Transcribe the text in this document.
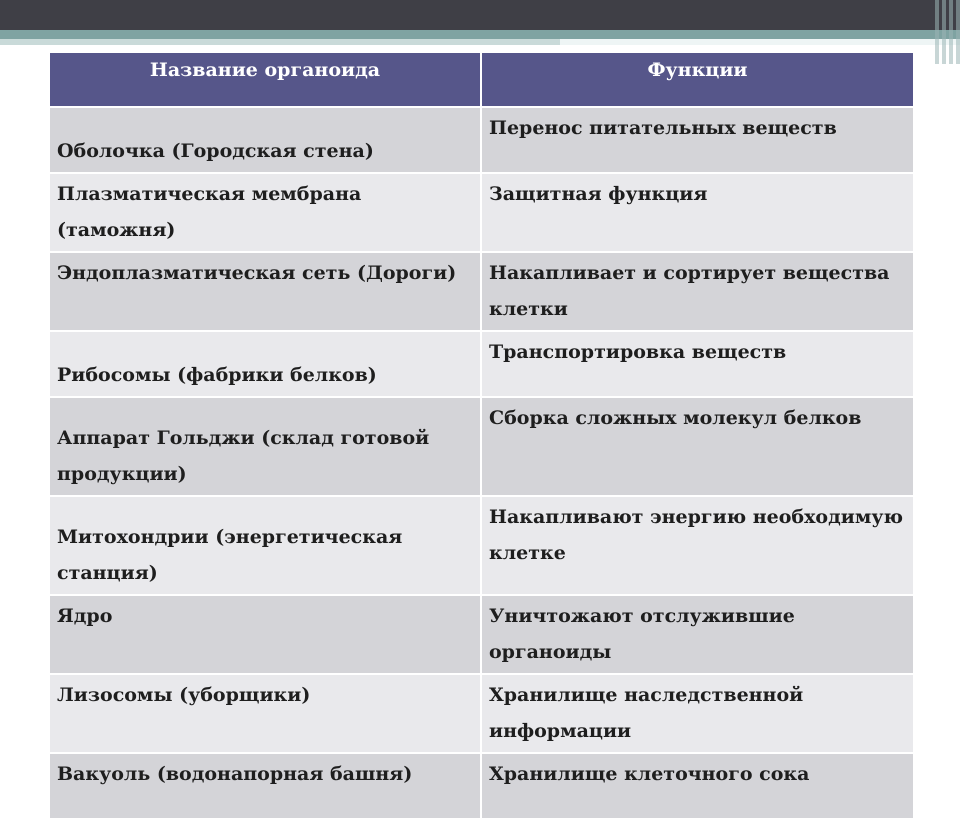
Название органоида	Функции
Оболочка (Городская стена)	Перенос питательных веществ
Плазматическая мембрана (таможня)	Защитная функция
Эндоплазматическая сеть (Дороги)	Накапливает и сортирует вещества клетки
Рибосомы (фабрики белков)	Транспортировка веществ
Аппарат Гольджи (склад готовой продукции)	Сборка сложных молекул белков
Митохондрии (энергетическая станция)	Накапливают энергию необходимую клетке
Ядро	Уничтожают отслужившие органоиды
Лизосомы (уборщики)	Хранилище наследственной информации
Вакуоль (водонапорная башня)	Хранилище клеточного сока
